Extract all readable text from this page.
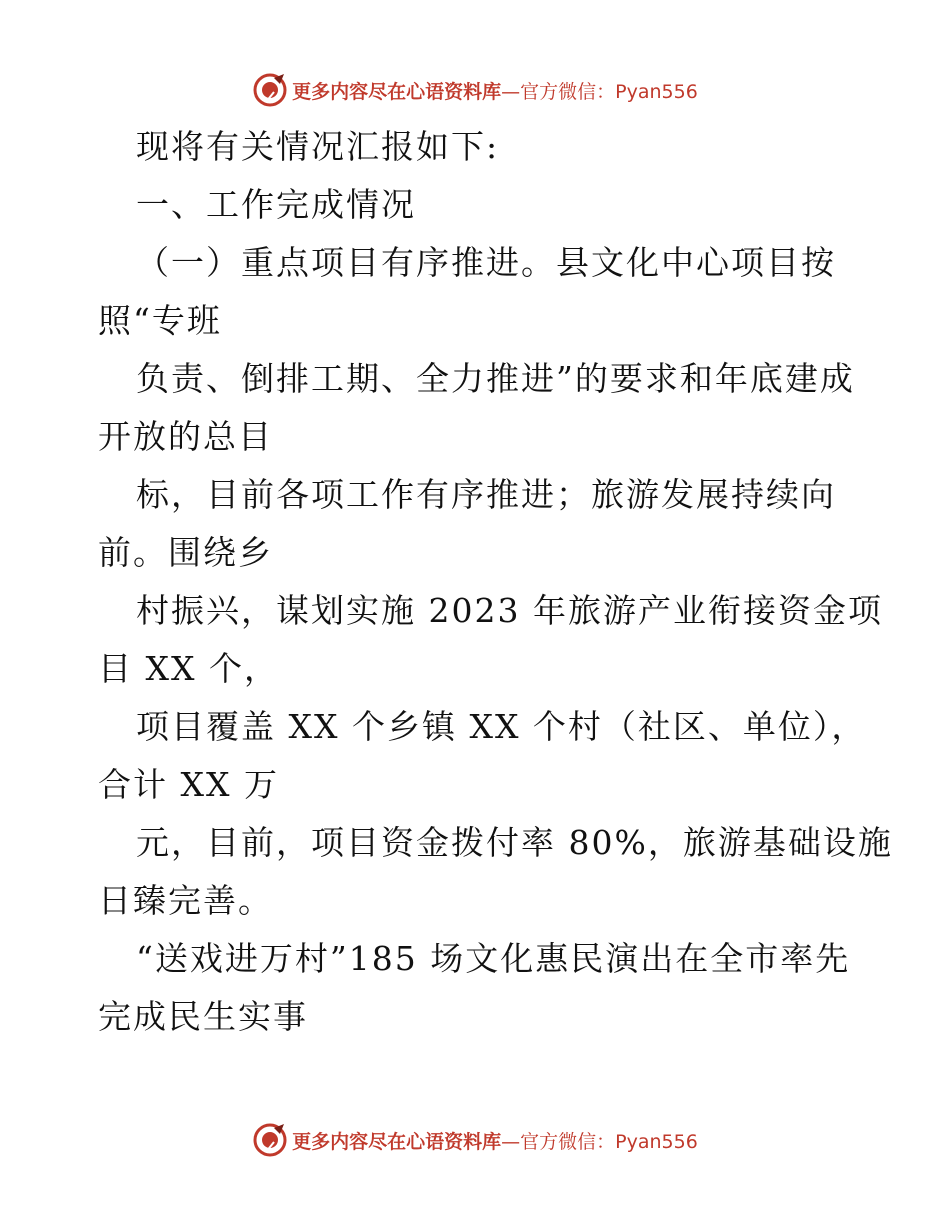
更多内容尽在心语资料库—官方微信：Pyan556
现将有关情况汇报如下:
一、工作完成情况
（一）重点项目有序推进。县文化中心项目按
照“专班
负责、倒排工期、全力推进”的要求和年底建成
开放的总目
标，目前各项工作有序推进；旅游发展持续向
前。围绕乡
村振兴，谋划实施 2023 年旅游产业衔接资金项
目 XX 个，
项目覆盖 XX 个乡镇 XX 个村（社区、单位），
合计 XX 万
元，目前，项目资金拨付率 80%，旅游基础设施
日臻完善。
“送戏进万村”185 场文化惠民演出在全市率先
完成民生实事
更多内容尽在心语资料库—官方微信：Pyan556
